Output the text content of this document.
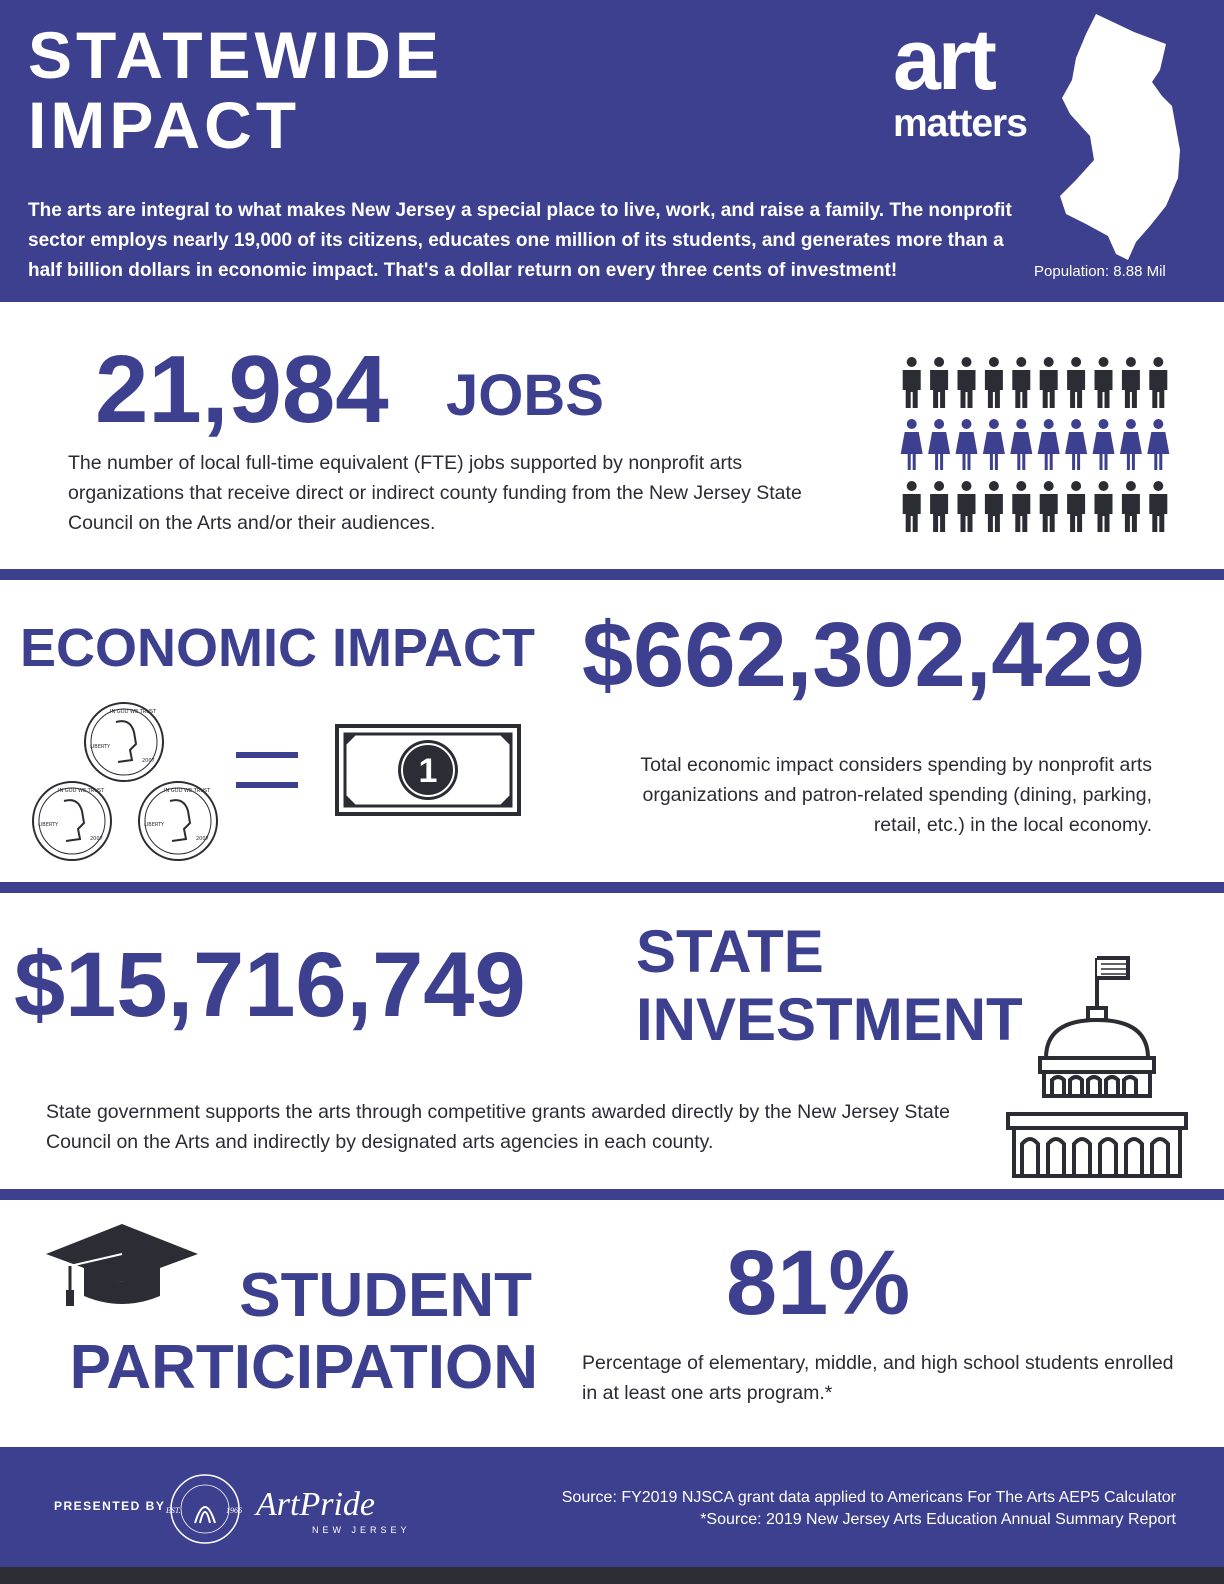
STATEWIDE
IMPACT
art
matters
The arts are integral to what makes New Jersey a special place to live, work, and raise a family. The nonprofit sector employs nearly 19,000 of its citizens, educates one million of its students, and generates more than a half billion dollars in economic impact. That's a dollar return on every three cents of investment!	Population: 8.88 Mil
21,984 JOBS
The number of local full-time equivalent (FTE) jobs supported by nonprofit arts organizations that receive direct or indirect county funding from the New Jersey State Council on the Arts and/or their audiences.
ECONOMIC IMPACT $662,302,429
IN GOD WE TRUST
LIBERTY
2007
IN GOD WE TRUST
LIBERTY
2007
IN GOD WE TRUST
LIBERTY
2007
1	Total economic impact considers spending by nonprofit arts organizations and patron-related spending (dining, parking, retail, etc.) in the local economy.
$15,716,749 STATE
INVESTMENT
State government supports the arts through competitive grants awarded directly by the New Jersey State Council on the Arts and indirectly by designated arts agencies in each county.
STUDENT
PARTICIPATION
81%
Percentage of elementary, middle, and high school students enrolled in at least one arts program.*
PRESENTED BY EST.	1966 ArtPride
NEW JERSEY
Source: FY2019 NJSCA grant data applied to Americans For The Arts AEP5 Calculator
*Source: 2019 New Jersey Arts Education Annual Summary Report
